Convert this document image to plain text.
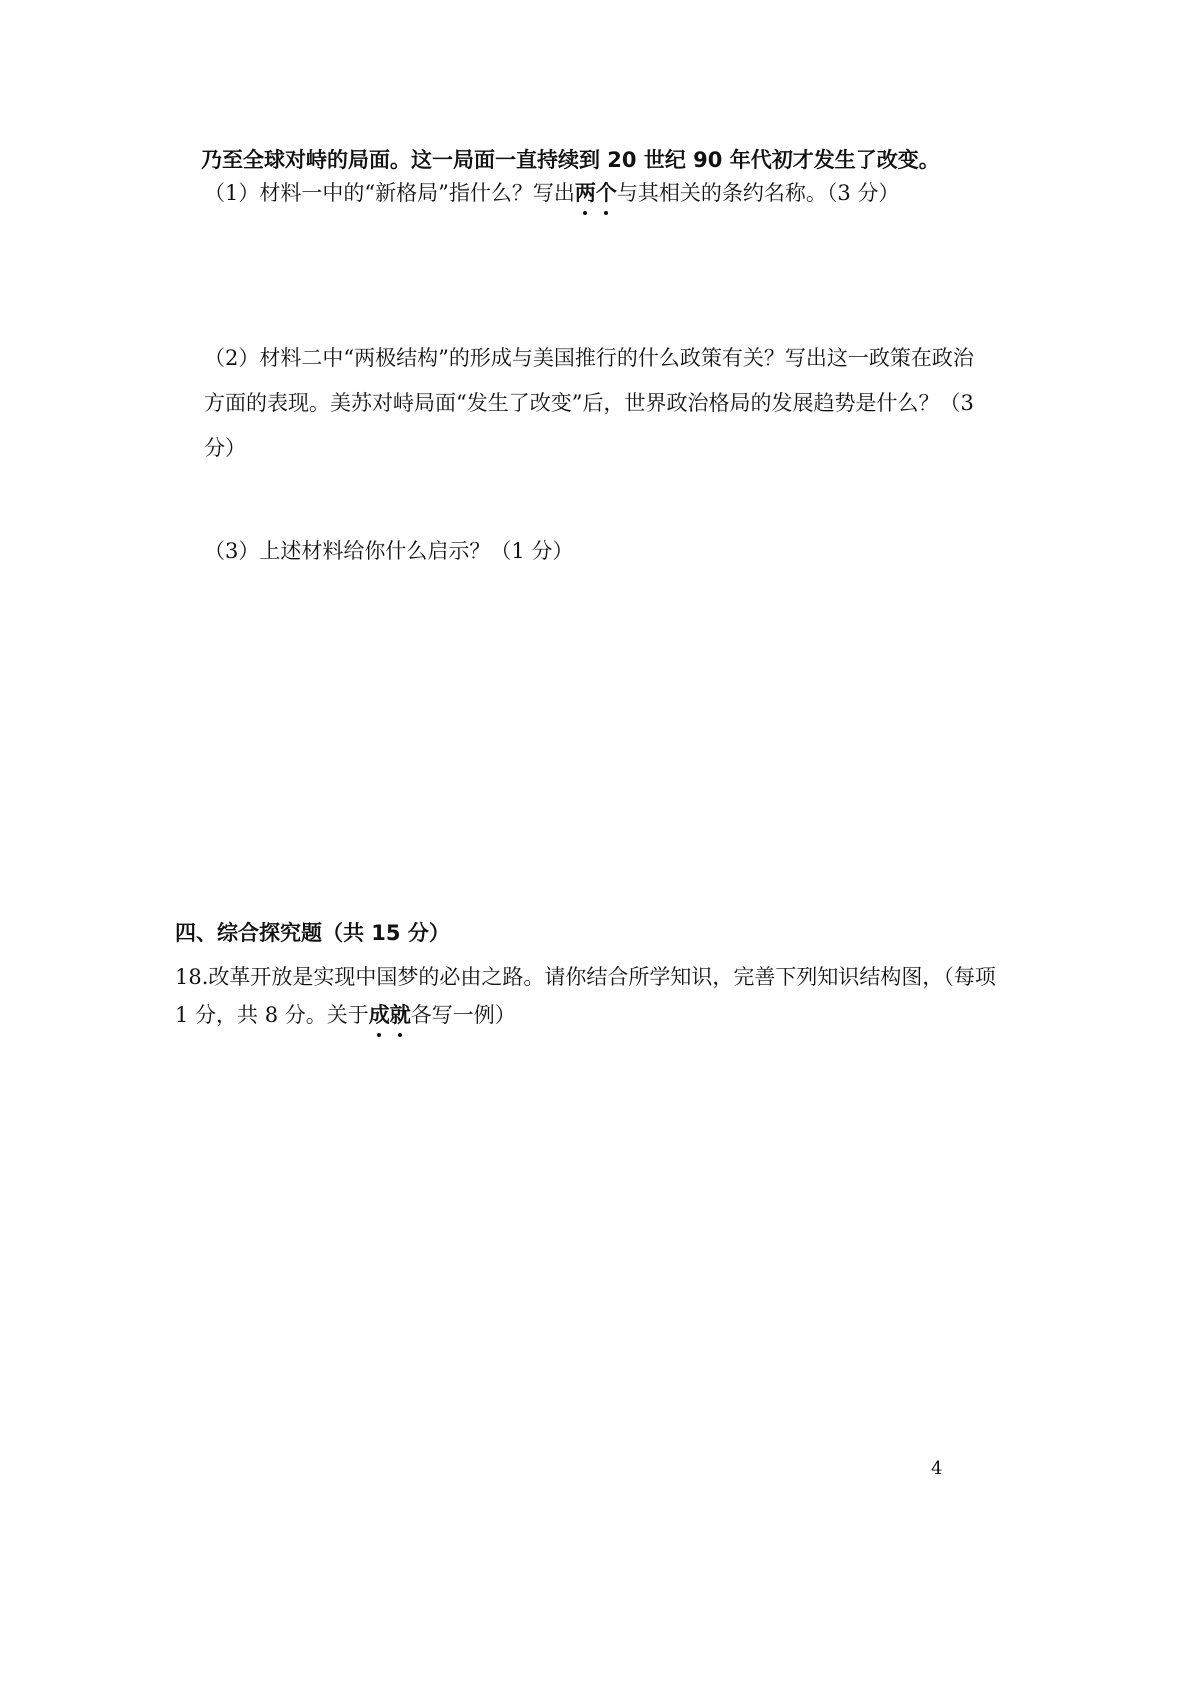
乃至全球对峙的局面。这一局面一直持续到 20 世纪 90 年代初才发生了改变。
（1）材料一中的“新格局”指什么？写出两个与其相关的条约名称。（3 分）
（2）材料二中“两极结构”的形成与美国推行的什么政策有关？写出这一政策在政治
方面的表现。美苏对峙局面“发生了改变”后，世界政治格局的发展趋势是什么？（3
分）
（3）上述材料给你什么启示？（1 分）
四、综合探究题（共 15 分）
18.改革开放是实现中国梦的必由之路。请你结合所学知识，完善下列知识结构图，（每项
1 分，共 8 分。关于成就各写一例）
4
